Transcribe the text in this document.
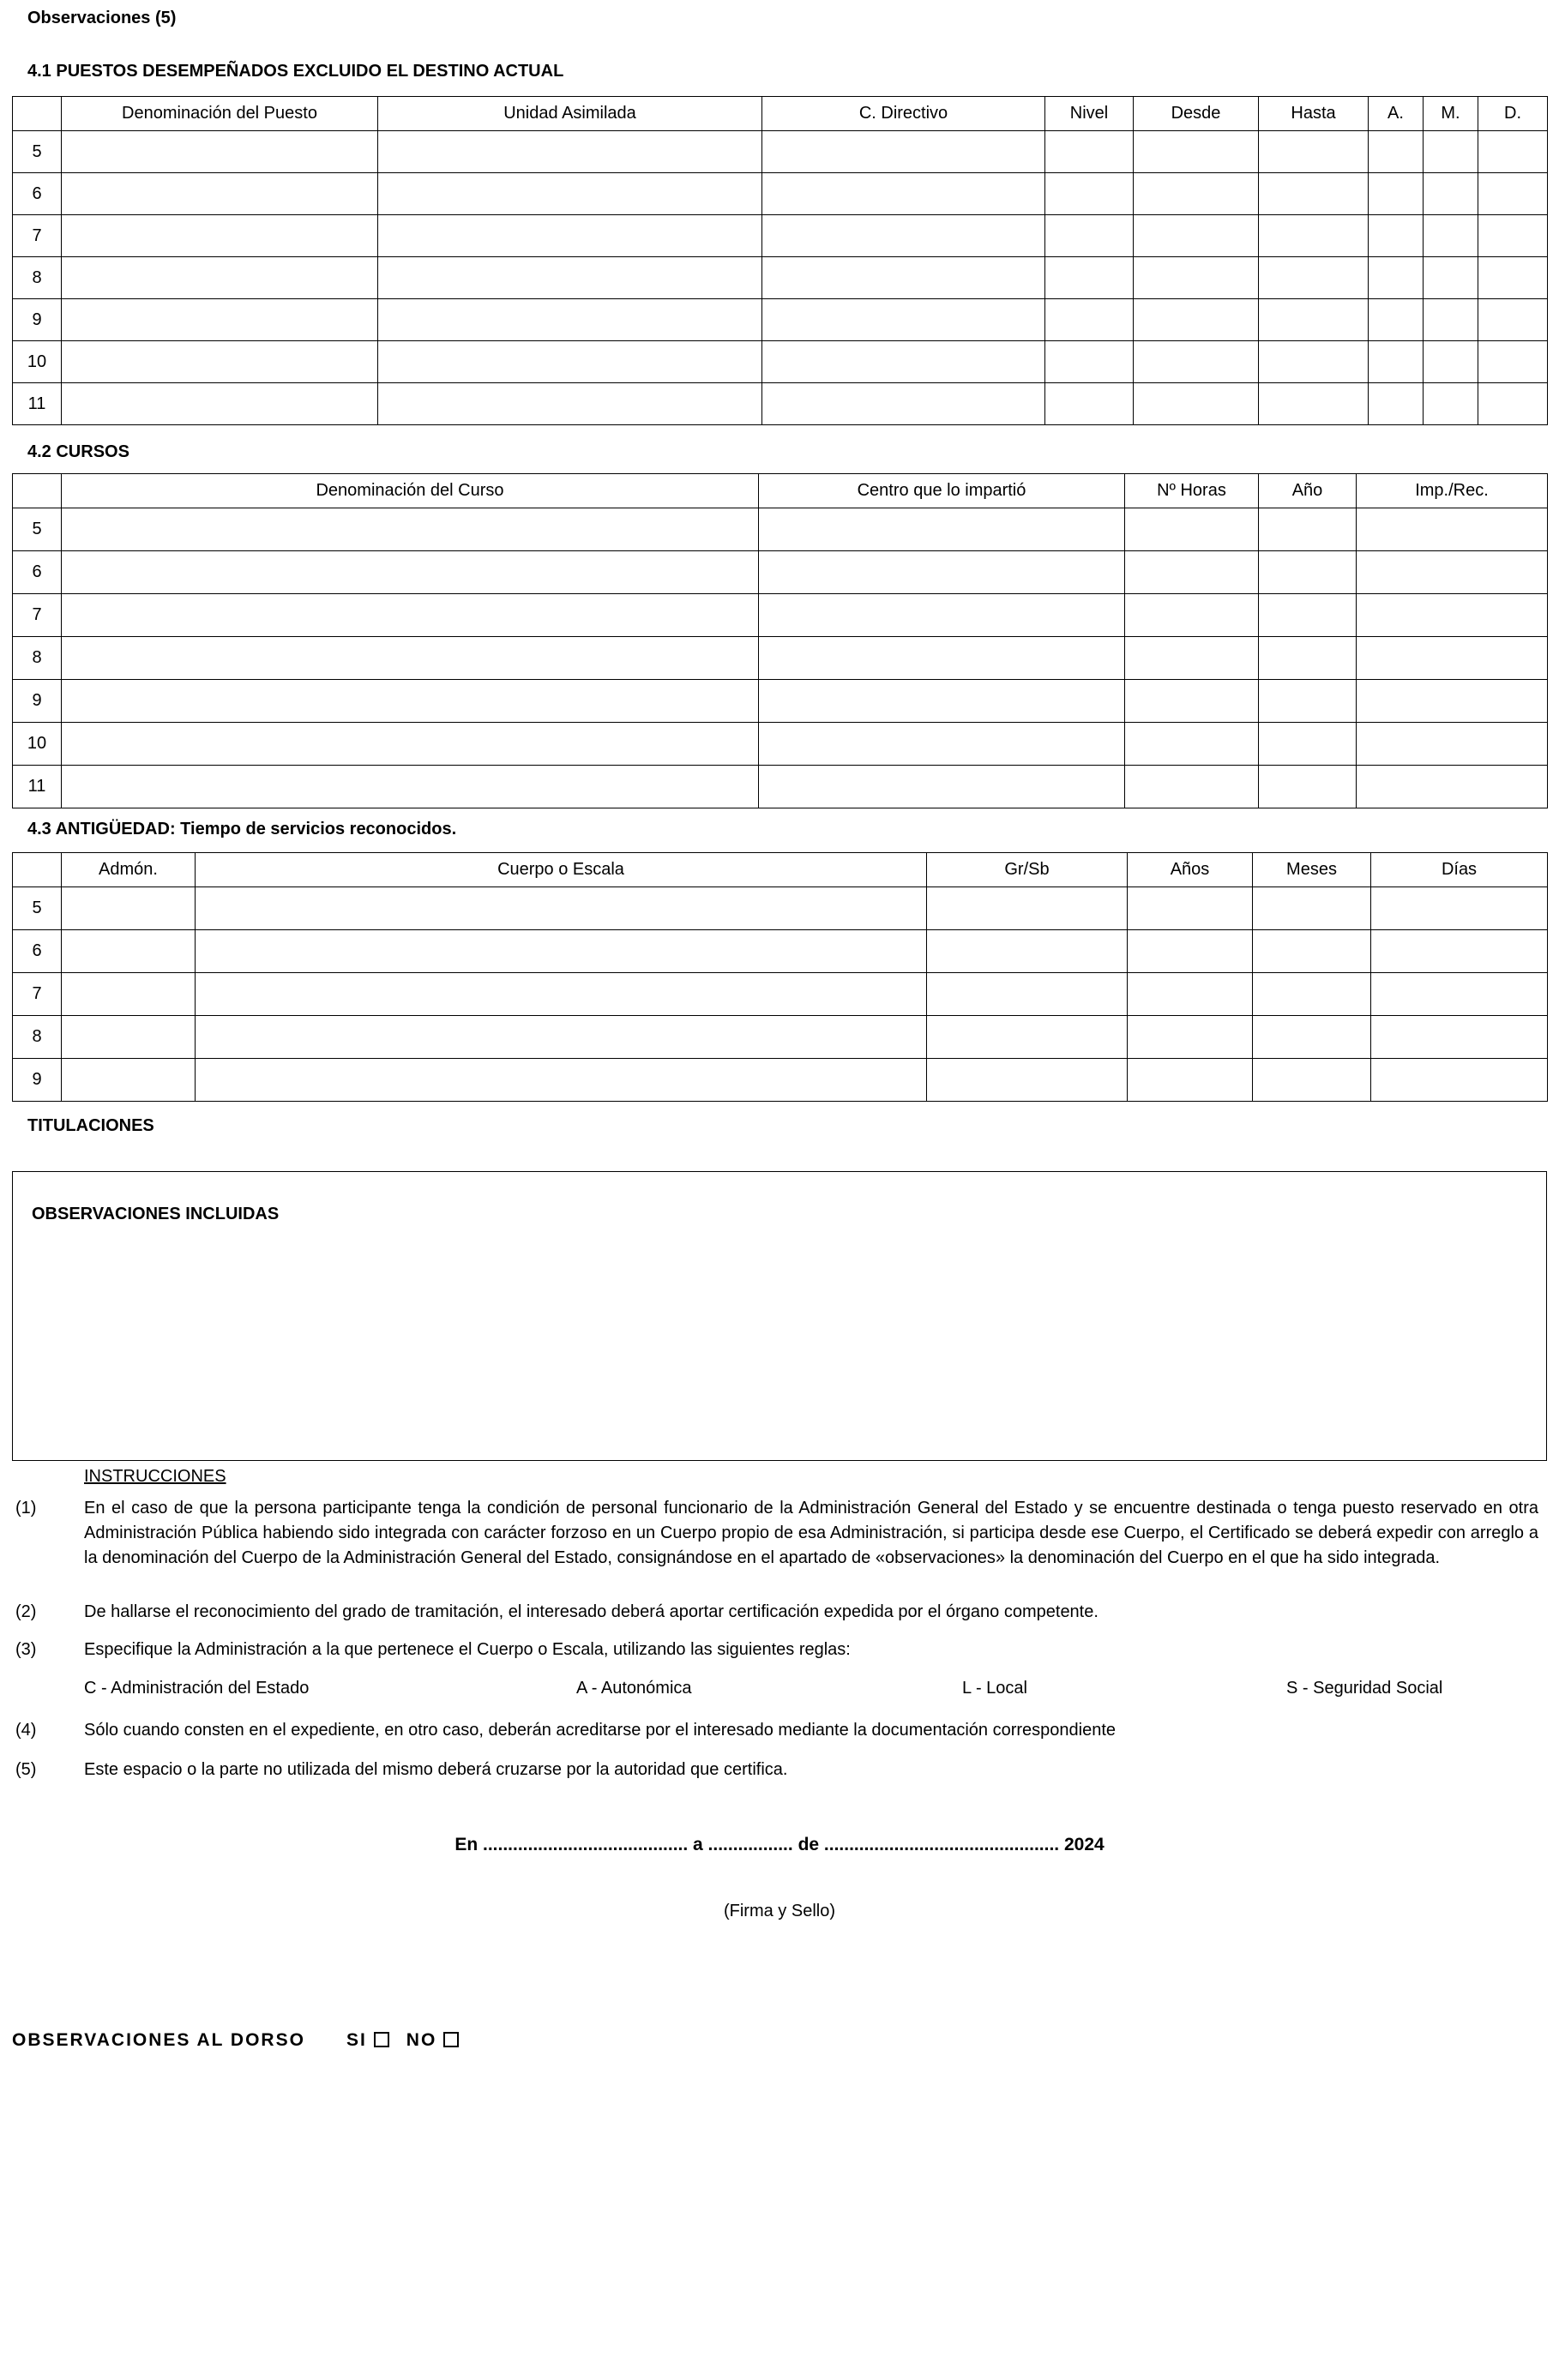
Observaciones (5)
4.1 PUESTOS DESEMPEÑADOS EXCLUIDO EL DESTINO ACTUAL
	Denominación del Puesto	Unidad Asimilada	C. Directivo	Nivel	Desde	Hasta	A.	M.	D.
5									
6									
7									
8									
9									
10									
11									
4.2 CURSOS
	Denominación del Curso	Centro que lo impartió	Nº Horas	Año	Imp./Rec.
5					
6					
7					
8					
9					
10					
11					
4.3 ANTIGÜEDAD: Tiempo de servicios reconocidos.
	Admón.	Cuerpo o Escala	Gr/Sb	Años	Meses	Días
5						
6						
7						
8						
9						
TITULACIONES
OBSERVACIONES INCLUIDAS
INSTRUCCIONES
(1)	En el caso de que la persona participante tenga la condición de personal funcionario de la Administración General del Estado y se encuentre destinada o tenga puesto reservado en otra Administración Pública habiendo sido integrada con carácter forzoso en un Cuerpo propio de esa Administración, si participa desde ese Cuerpo, el Certificado se deberá expedir con arreglo a la denominación del Cuerpo de la Administración General del Estado, consignándose en el apartado de «observaciones» la denominación del Cuerpo en el que ha sido integrada.
(2)	De hallarse el reconocimiento del grado de tramitación, el interesado deberá aportar certificación expedida por el órgano competente.
(3)	Especifique la Administración a la que pertenece el Cuerpo o Escala, utilizando las siguientes reglas:
C - Administración del Estado	A - Autonómica	L - Local	S - Seguridad Social
(4)	Sólo cuando consten en el expediente, en otro caso, deberán acreditarse por el interesado mediante la documentación correspondiente
(5)	Este espacio o la parte no utilizada del mismo deberá cruzarse por la autoridad que certifica.
En ......................................... a ................. de ............................................... 2024
(Firma y Sello)
OBSERVACIONES AL DORSO SI NO
